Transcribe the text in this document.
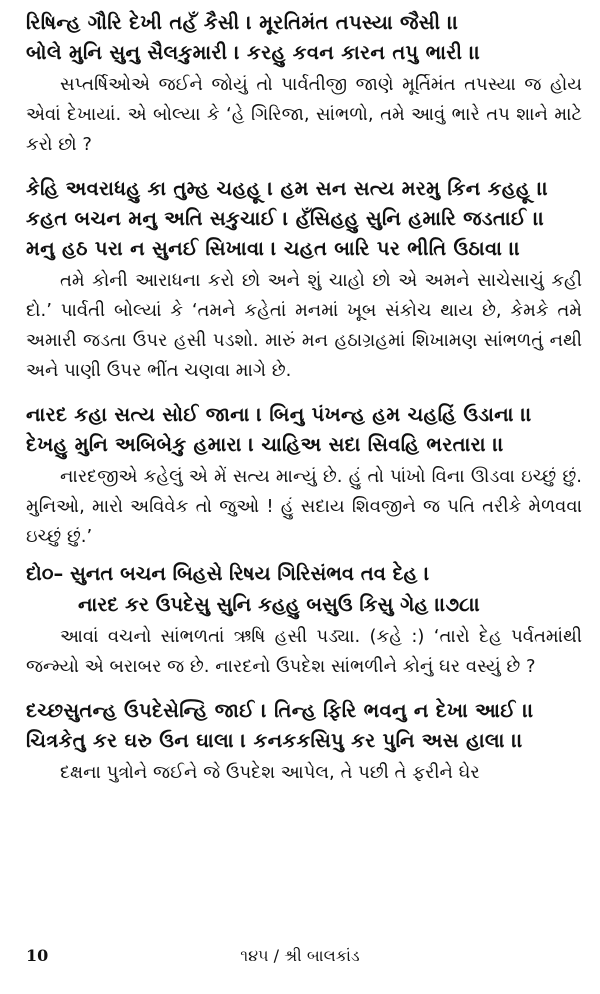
રિષિન્હ ગૌરિ દેખી તહઁ કૈસી । મૂરતિમંત તપસ્યા જૈસી ।।
બોલે મુનિ સુનુ સૈલકુમારી । કરહુ કવન કારન તપુ ભારી ।।
સપ્તર્ષિઓએ જઈને જોયું તો પાર્વતીજી જાણે મૂર્તિમંત તપસ્યા જ હોય એવાં દેખાયાં. એ બોલ્યા કે ‘હે ગિરિજા, સાંભળો, તમે આવું ભારે તપ શાને માટે કરો છો ?
કેહિ અવરાધહુ કા તુમ્હ ચહહૂ । હમ સન સત્ય મરમુ કિન કહહૂ ।।
કહત બચન મનુ અતિ સકુચાઈ । હઁસિહહુ સુનિ હમારિ જડતાઈ ।।
મનુ હઠ પરા ન સુનઈ સિખાવા । ચહત બારિ પર ભીતિ ઉઠાવા ।।
તમે કોની આરાધના કરો છો અને શું ચાહો છો એ અમને સાચેસાચું કહી દો.’ પાર્વતી બોલ્યાં કે ‘તમને કહેતાં મનમાં ખૂબ સંકોચ થાય છે, કેમકે તમે અમારી જડતા ઉપર હસી પડશો. મારું મન હઠાગ્રહમાં શિખામણ સાંભળતું નથી અને પાણી ઉપર ભીંત ચણવા માગે છે.
નારદ કહા સત્ય સોઈ જાના । બિનુ પંખન્હ હમ ચહહિં ઉડાના ।।
દેખહુ મુનિ અબિબેકુ હમારા । ચાહિઅ સદા સિવહિ ભરતારા ।।
નારદજીએ કહેલું એ મેં સત્ય માન્યું છે. હું તો પાંખો વિના ઊડવા ઇચ્છું છું. મુનિઓ, મારો અવિવેક તો જુઓ ! હું સદાય શિવજીને જ પતિ તરીકે મેળવવા ઇચ્છું છું.’
દો૦– સુનત બચન બિહસે રિષય ગિરિસંભવ તવ દેહ ।
નારદ કર ઉપદેસુ સુનિ કહહુ બસુઉ કિસુ ગેહ ।।૭૮।।
આવાં વચનો સાંભળતાં ઋષિ હસી પડ્યા. (કહે :) ‘તારો દેહ પર્વતમાંથી જન્મ્યો એ બરાબર જ છે. નારદનો ઉપદેશ સાંભળીને કોનું ઘર વસ્યું છે ?
દચ્છસુતન્હ ઉપદેસેન્હિ જાઈ । તિન્હ ફિરિ ભવનુ ન દેખા આઈ ।।
ચિત્રકેતુ કર ઘરુ ઉન ઘાલા । કનકકસિપુ કર પુનિ અસ હાલા ।।
દક્ષના પુત્રોને જઈને જે ઉપદેશ આપેલ, તે પછી તે ફરીને ઘેર
10	૧૪૫ / શ્રી બાલકાંડ
